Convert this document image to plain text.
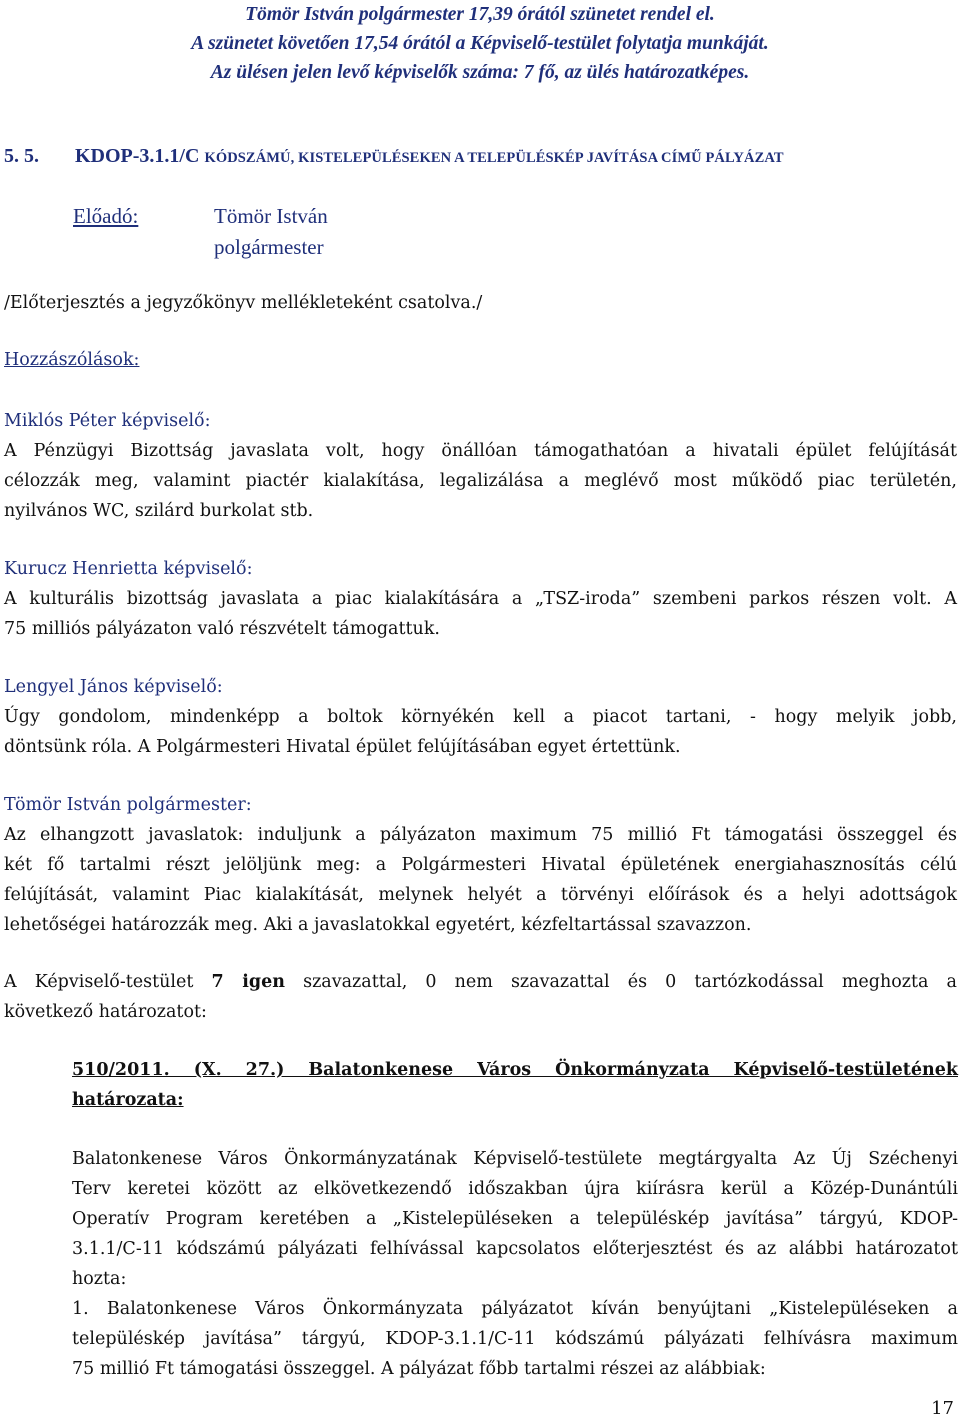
Tömör István polgármester 17,39 órától szünetet rendel el.
A szünetet követően 17,54 órától a Képviselő-testület folytatja munkáját.
Az ülésen jelen levő képviselők száma: 7 fő, az ülés határozatképes.
5. 5. KDOP-3.1.1/C KÓDSZÁMÚ, KISTELEPÜLÉSEKEN A TELEPÜLÉSKÉP JAVÍTÁSA CÍMŰ PÁLYÁZAT
Előadó:	Tömör István
polgármester
/Előterjesztés a jegyzőkönyv mellékleteként csatolva./
Hozzászólások:
Miklós Péter képviselő:
A Pénzügyi Bizottság javaslata volt, hogy önállóan támogathatóan a hivatali épület felújítását
célozzák meg, valamint piactér kialakítása, legalizálása a meglévő most működő piac területén,
nyilvános WC, szilárd burkolat stb.
Kurucz Henrietta képviselő:
A kulturális bizottság javaslata a piac kialakítására a „TSZ-iroda” szembeni parkos részen volt. A
75 milliós pályázaton való részvételt támogattuk.
Lengyel János képviselő:
Úgy gondolom, mindenképp a boltok környékén kell a piacot tartani, - hogy melyik jobb,
döntsünk róla. A Polgármesteri Hivatal épület felújításában egyet értettünk.
Tömör István polgármester:
Az elhangzott javaslatok: induljunk a pályázaton maximum 75 millió Ft támogatási összeggel és
két fő tartalmi részt jelöljünk meg: a Polgármesteri Hivatal épületének energiahasznosítás célú
felújítását, valamint Piac kialakítását, melynek helyét a törvényi előírások és a helyi adottságok
lehetőségei határozzák meg. Aki a javaslatokkal egyetért, kézfeltartással szavazzon.
A Képviselő-testület 7 igen szavazattal, 0 nem szavazattal és 0 tartózkodással meghozta a
következő határozatot:
510/2011. (X. 27.) Balatonkenese Város Önkormányzata Képviselő-testületének
határozata:
Balatonkenese Város Önkormányzatának Képviselő-testülete megtárgyalta Az Új Széchenyi
Terv keretei között az elkövetkezendő időszakban újra kiírásra kerül a Közép-Dunántúli
Operatív Program keretében a „Kistelepüléseken a településkép javítása” tárgyú, KDOP-
3.1.1/C-11 kódszámú pályázati felhívással kapcsolatos előterjesztést és az alábbi határozatot
hozta:
1. Balatonkenese Város Önkormányzata pályázatot kíván benyújtani „Kistelepüléseken a
településkép javítása” tárgyú, KDOP-3.1.1/C-11 kódszámú pályázati felhívásra maximum
75 millió Ft támogatási összeggel. A pályázat főbb tartalmi részei az alábbiak:
17
